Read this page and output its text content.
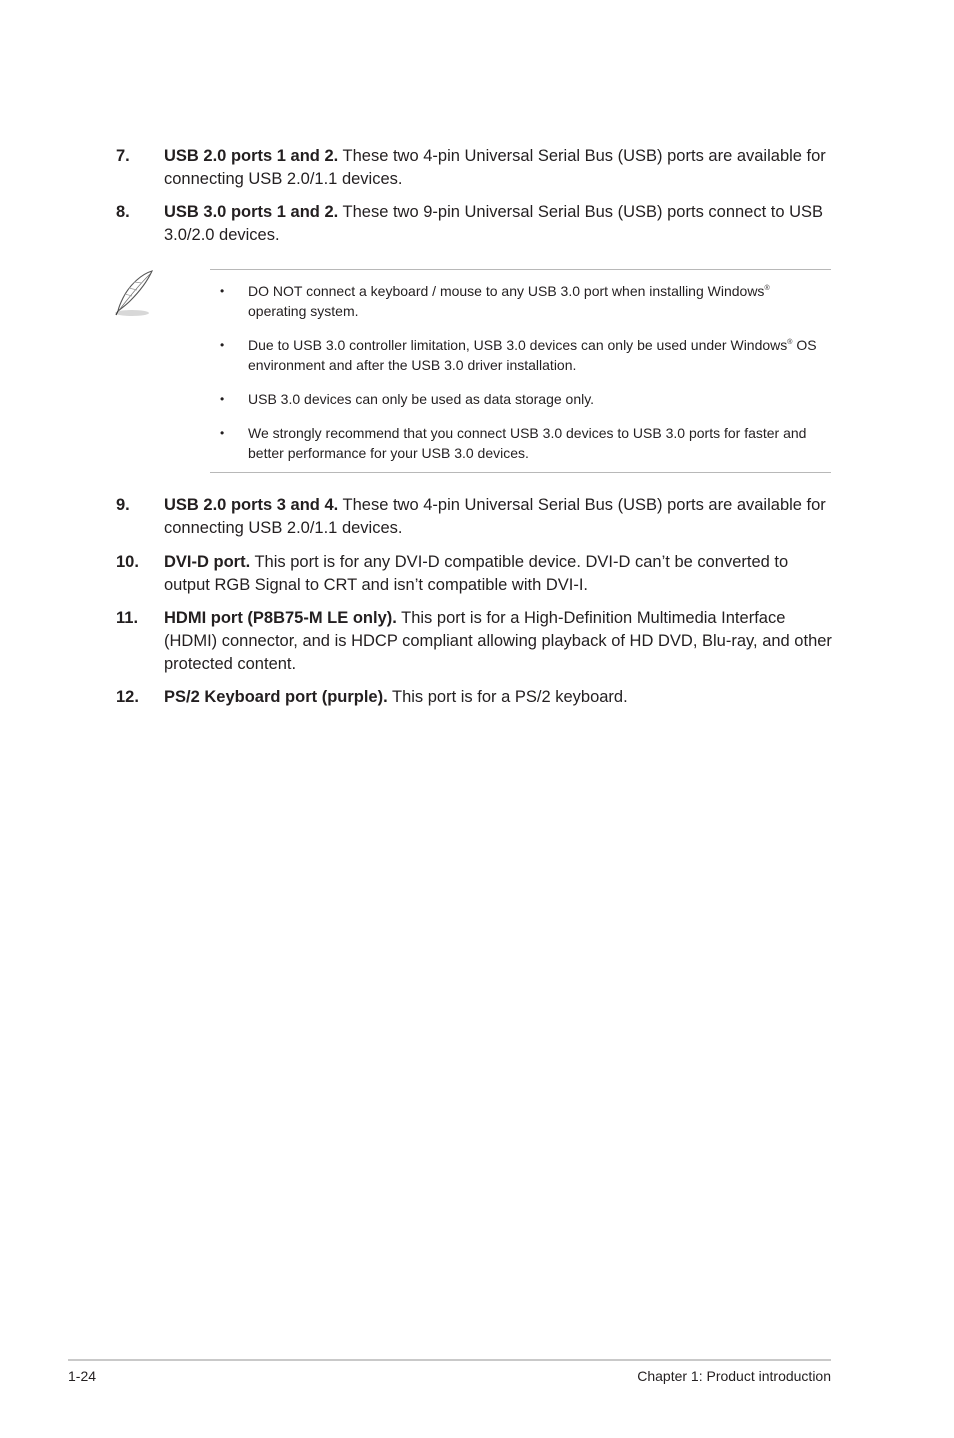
7. USB 2.0 ports 1 and 2. These two 4-pin Universal Serial Bus (USB) ports are available for connecting USB 2.0/1.1 devices.
8. USB 3.0 ports 1 and 2. These two 9-pin Universal Serial Bus (USB) ports connect to USB 3.0/2.0 devices.
• DO NOT connect a keyboard / mouse to any USB 3.0 port when installing Windows® operating system.
• Due to USB 3.0 controller limitation, USB 3.0 devices can only be used under Windows® OS environment and after the USB 3.0 driver installation.
• USB 3.0 devices can only be used as data storage only.
• We strongly recommend that you connect USB 3.0 devices to USB 3.0 ports for faster and better performance for your USB 3.0 devices.
9. USB 2.0 ports 3 and 4. These two 4-pin Universal Serial Bus (USB) ports are available for connecting USB 2.0/1.1 devices.
10. DVI-D port. This port is for any DVI-D compatible device. DVI-D can’t be converted to output RGB Signal to CRT and isn’t compatible with DVI-I.
11. HDMI port (P8B75-M LE only). This port is for a High-Definition Multimedia Interface (HDMI) connector, and is HDCP compliant allowing playback of HD DVD, Blu-ray, and other protected content.
12. PS/2 Keyboard port (purple). This port is for a PS/2 keyboard.
1-24	Chapter 1: Product introduction
